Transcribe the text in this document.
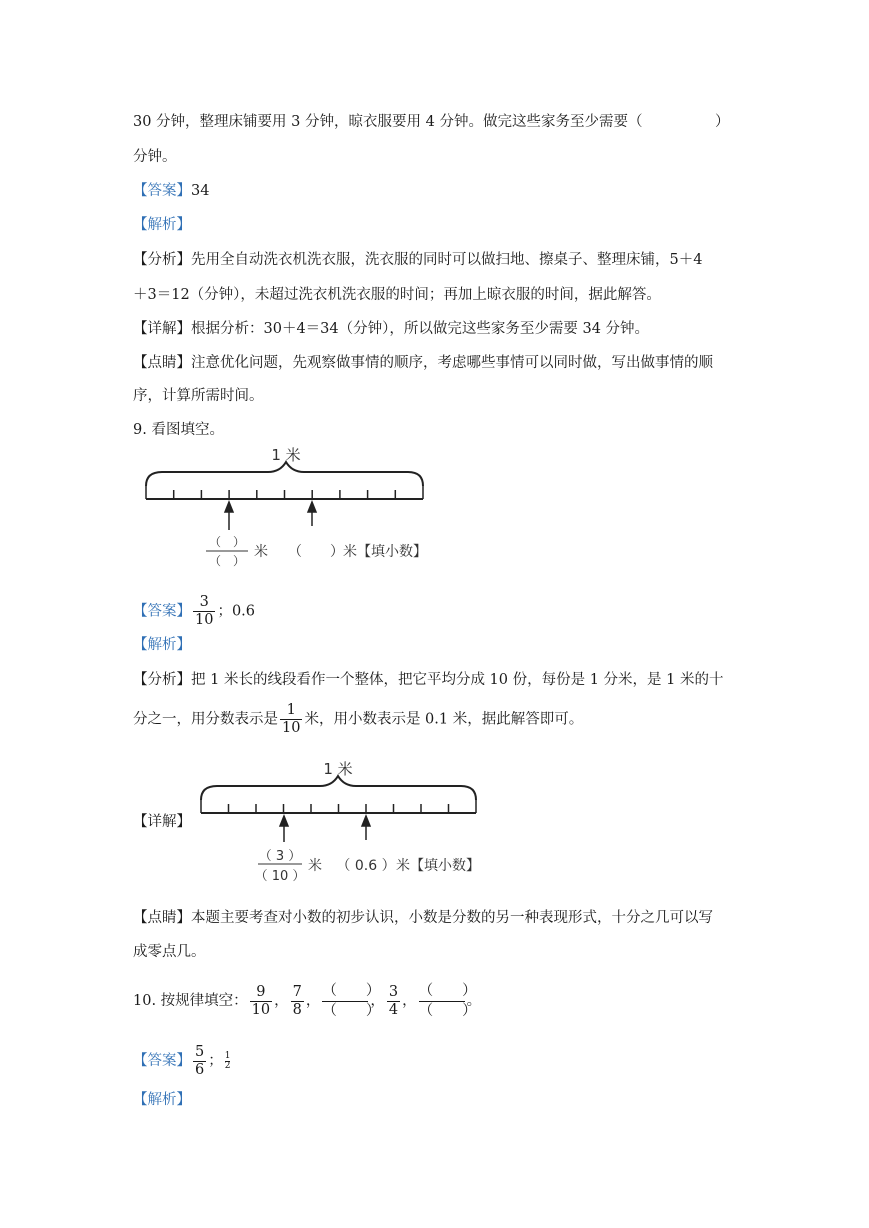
30 分钟，整理床铺要用 3 分钟，晾衣服要用 4 分钟。做完这些家务至少需要（　　　　　）
分钟。
【答案】34
【解析】
【分析】先用全自动洗衣机洗衣服，洗衣服的同时可以做扫地、擦桌子、整理床铺，5＋4
＋3＝12（分钟），未超过洗衣机洗衣服的时间；再加上晾衣服的时间，据此解答。
【详解】根据分析：30＋4＝34（分钟），所以做完这些家务至少需要 34 分钟。
【点睛】注意优化问题，先观察做事情的顺序，考虑哪些事情可以同时做，写出做事情的顺
序，计算所需时间。
9. 看图填空。
1 米
（　）
（　）
米 （　　） 米【填小数】
【答案】 $\frac{3}{10}$ ；0.6
【解析】
【分析】把 1 米长的线段看作一个整体，把它平均分成 10 份，每份是 1 分米，是 1 米的十
分之一，用分数表示是 $\frac{1}{10}$ 米，用小数表示是 0.1 米，据此解答即可。
【详解】
1 米
（ 3 ）
（ 10 ）
米 （ 0.6 ） 米【填小数】
【点睛】本题主要考查对小数的初步认识，小数是分数的另一种表现形式，十分之几可以写
成零点几。
10. 按规律填空： $\frac{9}{10}$ ， $\frac{7}{8}$ ， $\frac{( )}{( )}$ ， $\frac{3}{4}$ ， $\frac{( )}{( )}$ 。
【答案】 $\frac{5}{6}$ ； $\frac{1}{2}$
【解析】
